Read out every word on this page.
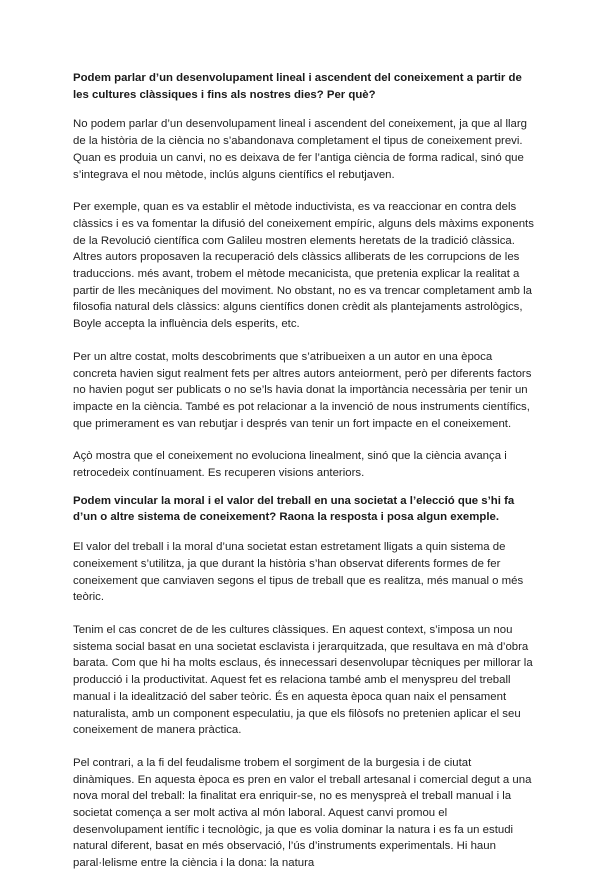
Podem parlar d’un desenvolupament lineal i ascendent del coneixement a partir de les cultures clàssiques i fins als nostres dies? Per què?

No podem parlar d’un desenvolupament lineal i ascendent del coneixement, ja que al llarg de la història de la ciència no s’abandonava completament el tipus de coneixement previ. Quan es produia un canvi, no es deixava de fer l’antiga ciència de forma radical, sinó que s’integrava el nou mètode, inclús alguns científics el rebutjaven.

Per exemple, quan es va establir el mètode inductivista, es va reaccionar en contra dels clàssics i es va fomentar la difusió del coneixement empíric, alguns dels màxims exponents de la Revolució científica com Galileu mostren elements heretats de la tradició clàssica. Altres autors proposaven la recuperació dels clàssics alliberats de les corrupcions de les traduccions. més avant, trobem el mètode mecanicista, que pretenia explicar la realitat a partir de lles mecàniques del moviment. No obstant, no es va trencar completament amb la filosofia natural dels clàssics: alguns científics donen crèdit als plantejaments astrològics, Boyle accepta la influència dels esperits, etc.

Per un altre costat, molts descobriments que s’atribueixen a un autor en una època concreta havien sigut realment fets per altres autors anteiorment, però per diferents factors no havien pogut ser publicats o no se’ls havia donat la importància necessària per tenir un impacte en la ciència. També es pot relacionar a la invenció de nous instruments científics, que primerament es van rebutjar i després van tenir un fort impacte en el coneixement.

Açò mostra que el coneixement no evoluciona linealment, sinó que la ciència avança i retrocedeix contínuament. Es recuperen visions anteriors.

Podem vincular la moral i el valor del treball en una societat a l’elecció que s’hi fa d’un o altre sistema de coneixement? Raona la resposta i posa algun exemple.

El valor del treball i la moral d’una societat estan estretament lligats a quin sistema de coneixement s’utilitza, ja que durant la història s’han observat diferents formes de fer coneixement que canviaven segons el tipus de treball que es realitza, més manual o més teòric.

Tenim el cas concret de de les cultures clàssiques. En aquest context, s’imposa un nou sistema social basat en una societat esclavista i jerarquitzada, que resultava en mà d’obra barata. Com que hi ha molts esclaus, és innecessari desenvolupar tècniques per millorar la producció i la productivitat. Aquest fet es relaciona també amb el menyspreu del treball manual i la idealització del saber teòric. És en aquesta època quan naix el pensament naturalista, amb un component especulatiu, ja que els filòsofs no pretenien aplicar el seu coneixement de manera pràctica.

Pel contrari, a la fi del feudalisme trobem el sorgiment de la burgesia i de ciutat dinàmiques. En aquesta època es pren en valor el treball artesanal i comercial degut a una nova moral del treball: la finalitat era enriquir-se, no es menyspreà el treball manual i la societat comença a ser molt activa al món laboral. Aquest canvi promou el desenvolupament ientífic i tecnològic, ja que es volia dominar la natura i es fa un estudi natural diferent, basat en més observació, l’ús d’instruments experimentals. Hi haun paral·lelisme entre la ciència i la dona: la natura
